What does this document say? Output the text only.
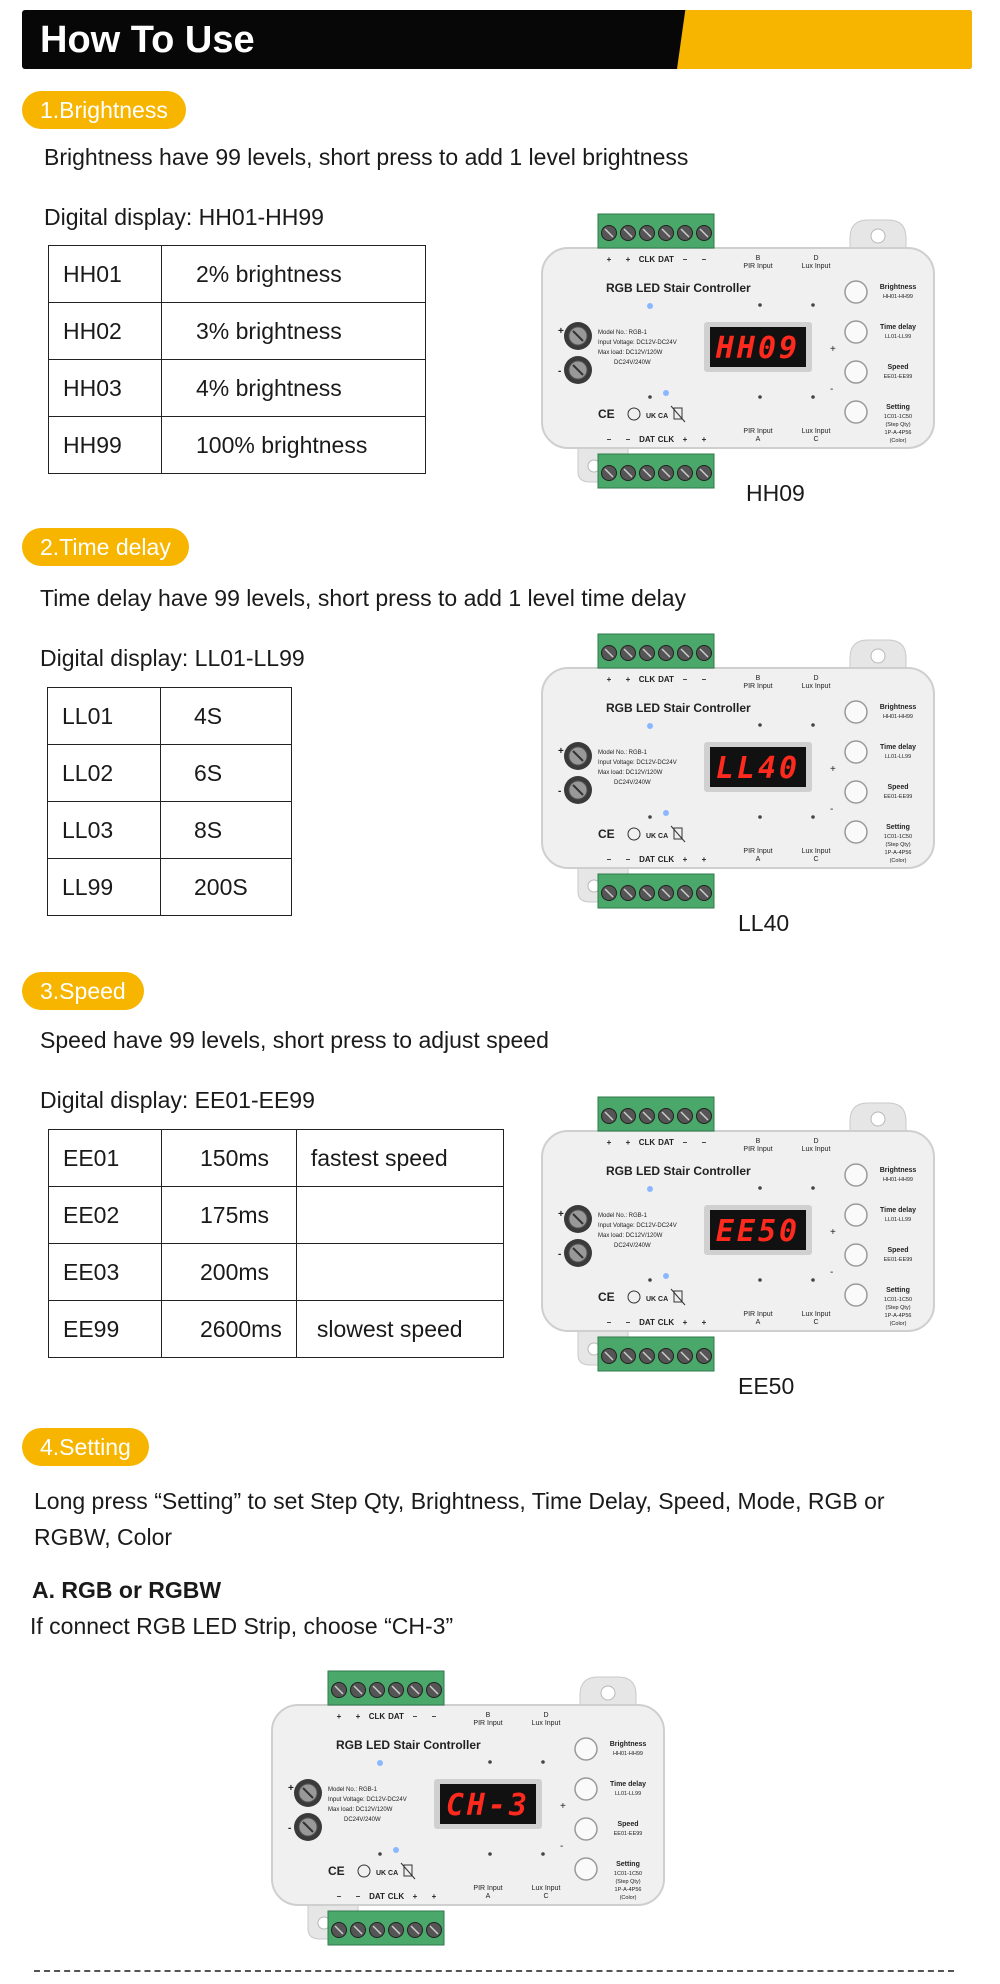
How To Use
1.Brightness
Brightness have 99 levels, short press to add 1 level brightness
Digital display: HH01-HH99
HH01	2% brightness
HH02	3% brightness
HH03	4% brightness
HH99	100% brightness
+ + CLK DAT – –
– – DAT CLK + +
B
PIR Input
D
Lux Input
PIR Input
A
Lux Input
C
RGB LED Stair Controller
+
-
Model No.: RGB-1
Input Voltage: DC12V-DC24V
Max load: DC12V/120W
DC24V/240W HH09	+
-
Brightness
HH01-HH99
Time delay
LL01-LL99
Speed
EE01-EE99
Setting
1C01-1C50
(Step Qty)
1P-A-4P56
(Color)
CE	UK CA
HH09
2.Time delay
Time delay have 99 levels, short press to add 1 level time delay
Digital display: LL01-LL99
LL01	4S
LL02	6S
LL03	8S
LL99	200S
+ + CLK DAT – –
– – DAT CLK + +
B
PIR Input
D
Lux Input
PIR Input
A
Lux Input
C
RGB LED Stair Controller
+
-
Model No.: RGB-1
Input Voltage: DC12V-DC24V
Max load: DC12V/120W
DC24V/240W LL40	+
-
Brightness
HH01-HH99
Time delay
LL01-LL99
Speed
EE01-EE99
Setting
1C01-1C50
(Step Qty)
1P-A-4P56
(Color)
CE	UK CA
LL40
3.Speed
Speed have 99 levels, short press to adjust speed
Digital display: EE01-EE99
EE01	150ms	fastest speed
EE02	175ms	
EE03	200ms	
EE99	2600ms	slowest speed
+ + CLK DAT – –
– – DAT CLK + +
B
PIR Input
D
Lux Input
PIR Input
A
Lux Input
C
RGB LED Stair Controller
+
-
Model No.: RGB-1
Input Voltage: DC12V-DC24V
Max load: DC12V/120W
DC24V/240W EE50	+
-
Brightness
HH01-HH99
Time delay
LL01-LL99
Speed
EE01-EE99
Setting
1C01-1C50
(Step Qty)
1P-A-4P56
(Color)
CE	UK CA
EE50
4.Setting
Long press “Setting” to set Step Qty, Brightness, Time Delay, Speed, Mode, RGB or
RGBW, Color
A. RGB or RGBW
If connect RGB LED Strip, choose “CH-3”
+ + CLK DAT – –
– – DAT CLK + +
B
PIR Input
D
Lux Input
PIR Input
A
Lux Input
C
RGB LED Stair Controller
+
-
Model No.: RGB-1
Input Voltage: DC12V-DC24V
Max load: DC12V/120W
DC24V/240W CH-3	+
-
Brightness
HH01-HH99
Time delay
LL01-LL99
Speed
EE01-EE99
Setting
1C01-1C50
(Step Qty)
1P-A-4P56
(Color)
CE	UK CA
